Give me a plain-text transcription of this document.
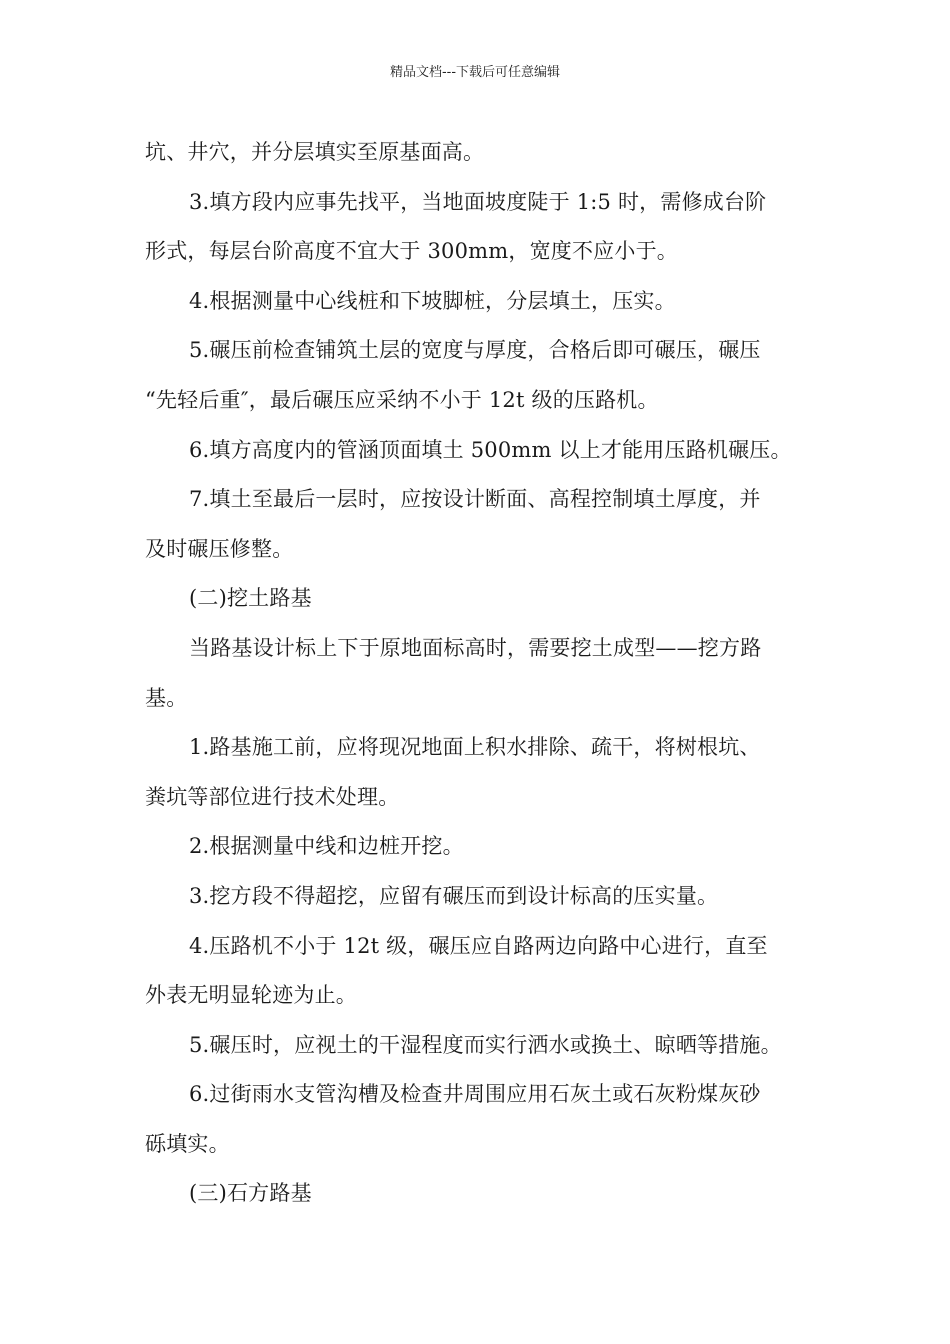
精品文档---下载后可任意编辑
坑、井穴，并分层填实至原基面高。
3.填方段内应事先找平，当地面坡度陡于 1:5 时，需修成台阶
形式，每层台阶高度不宜大于 300mm，宽度不应小于。
4.根据测量中心线桩和下坡脚桩，分层填土，压实。
5.碾压前检查铺筑土层的宽度与厚度，合格后即可碾压，碾压
“先轻后重″，最后碾压应采纳不小于 12t 级的压路机。
6.填方高度内的管涵顶面填土 500mm 以上才能用压路机碾压。
7.填土至最后一层时，应按设计断面、高程控制填土厚度，并
及时碾压修整。
(二)挖土路基
当路基设计标上下于原地面标高时，需要挖土成型——挖方路
基。
1.路基施工前，应将现况地面上积水排除、疏干，将树根坑、
粪坑等部位进行技术处理。
2.根据测量中线和边桩开挖。
3.挖方段不得超挖，应留有碾压而到设计标高的压实量。
4.压路机不小于 12t 级，碾压应自路两边向路中心进行，直至
外表无明显轮迹为止。
5.碾压时，应视土的干湿程度而实行洒水或换土、晾晒等措施。
6.过街雨水支管沟槽及检查井周围应用石灰土或石灰粉煤灰砂
砾填实。
(三)石方路基
